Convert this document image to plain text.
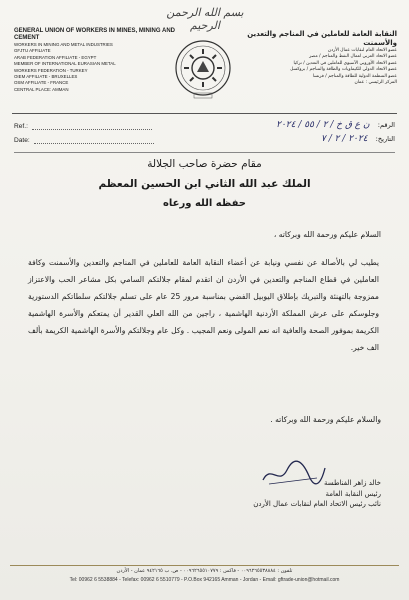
بسم الله الرحمن الرحيم
GENERAL UNION OF WORKERS IN MINES, MINING AND CEMENT
WORKERS IN MINING AND METAL INDUSTRIES
GFJTU AFFILIATE
ARAB FEDERATION AFFILIATE - EGYPT
MEMBER OF INTERNATIONAL EURASIAN METAL
WORKERS FEDERATION - TURKEY
OIEM AFFILIATE - BRUXELLES
OSM AFFILIATE - FRANCE
CENTRAL PLACE: AMMAN
النقابة العامة للعاملين في المناجم والتعدين والأسمنت
عضو الاتحاد العام لنقابات عمال الأردن
عضو الاتحاد العربي لعمال النفط والمناجم / مصر
عضو الاتحاد الأوروبي الآسيوي للعاملين في التعدين / تركيا
عضو الاتحاد الدولي للكيماويات والطاقة والمناجم / بروكسل
عضو المنظمة الدولية للطاقة والمناجم / فرنسا
المركز الرئيسي : عمان
Ref.:
Date:
الرقم: ن ع ق خ / ٢ / ٥٥ / ٢٠٢٤
التاريخ: ٢٠٢٤ / ٢ / ٧
مقام حضرة صاحب الجلالة
الملك عبد الله الثاني ابن الحسين المعظم
حفظه الله ورعاه
السلام عليكم ورحمة الله وبركاته ،
يطيب لي بالأصالة عن نفسي ونيابة عن أعضاء النقابة العامة للعاملين في المناجم والتعدين والأسمنت وكافة العاملين في قطاع المناجم والتعدين في الأردن ان اتقدم لمقام جلالتكم السامي بكل مشاعر الحب والاعتزاز ممزوجة بالتهنئة والتبريك بإطلاق اليوبيل الفضي بمناسبة مرور 25 عام على تسلم جلالتكم سلطاتكم الدستورية وجلوسكم على عرش المملكة الأردنية الهاشمية ، راجين من الله العلي القدير أن يمتعكم والأسرة الهاشمية الكريمة بموفور الصحة والعافية انه نعم المولى ونعم المجيب . وكل عام وجلالتكم والأسرة الهاشمية الكريمة بألف الف خير.
والسلام عليكم ورحمة الله وبركاته .
خالد زاهر الفناطسة
رئيس النقابة العامة
نائب رئيس الاتحاد العام لنقابات عمال الأردن
تلفون : ٠٠٩٦٢٦٥٥٣٨٨٨٤ - فاكس : ٠٠٩٦٢٦٥٥١٠٧٧٩ - ص. ب ٩٤٢١٦٥ عمان - الأردن
Tel: 00962 6 5538884 - Telefax: 00962 6 5510779 - P.O.Box 942165 Amman - Jordan - Email: gftrade-union@hotmail.com
